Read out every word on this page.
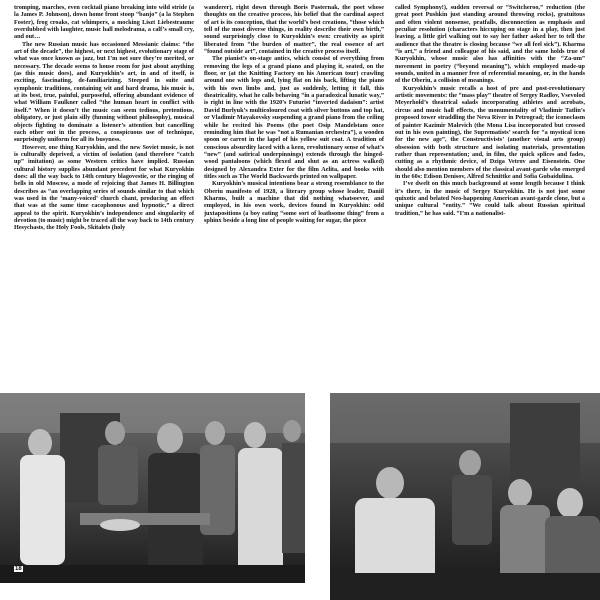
tromping, marches, even cocktail piano breaking into wild stride (a la James P. Johnson), down home front stoop “banjo” (a la Stephen Foster), frog croaks, cat whimpers, a mocking Liszt Liebestraume overdubbed with laughter, music hall melodrama, a calf’s small cry, and out…

The new Russian music has occasioned Messianic claims: “the art of the decade”, the highest, or next highest, evolutionary stage of what was once known as jazz, but I’m not sure they’re merited, or necessary. The decade seems to house room for just about anything (as this music does), and Kuryokhin’s art, in and of itself, is exciting, fascinating, de-familiarizing. Steeped in suite and symphonic traditions, containing wit and hard drama, his music is, at its best, true, painful, purposeful, offering abundant evidence of what William Faulkner called “the human heart in conflict with itself.” When it doesn’t the music can seem tedious, pretentious, obligatory, or just plain silly (funning without philosophy), musical objects fighting to dominate a listener’s attention but cancelling each other out in the process, a conspicuous use of technique, surprisingly uniform for all its busyness.

However, one thing Kuryokhin, and the new Soviet music, is not is culturally deprived, a victim of isolation (and therefore “catch up” imitation) as some Western critics have implied. Russian cultural history supplies abundant precedent for what Kuryokhin does: all the way back to 14th century blagovestie, or the ringing of bells in old Moscow, a mode of rejoicing that James H. Billington describes as “an overlapping series of sounds similar to that which was used in the ‘many-voiced’ church chant, producing an effect that was at the same time cacophonous and hypnotic,” a direct appeal to the spirit. Kuryokhin’s independence and singularity of devotion (to music) might be traced all the way back to 14th century Hesychasts, the Holy Fools, Skitalets (holy

wanderer), right down through Boris Pasternak, the poet whose thoughts on the creative process, his belief that the cardinal aspect of art is its conception, that the world’s best creations, “those which tell of the most diverse things, in reality describe their own birth,” sound surprisingly close to Kuryokhin’s own: creativity as spirit liberated from “the burden of matter”, the real essence of art “found outside art”, contained in the creative process itself.

The pianist’s on-stage antics, which consist of everything from removing the legs of a grand piano and playing it, seated, on the floor, or (at the Knitting Factory on his American tour) crawling around one with legs and, lying flat on his back, lifting the piano with his own limbs and, just as suddenly, letting it fall, this theatricality, what he calls behaving “in a paradoxical lunatic way,” is right in line with the 1920’s Futurist “inverted dadaism”: artist David Burlyuk’s multicoloured coat with silver buttons and top hat, or Vladimir Mayakovsky suspending a grand piano from the ceiling while he recited his Poems (the poet Osip Mandelstam once reminding him that he was “not a Rumanian orchestra”), a wooden spoon or carrot in the lapel of his yellow suit coat. A tradition of conscious absurdity laced with a keen, revolutionary sense of what’s “new” (and satirical underpinnings) extends through the hinged-wood pantaloons (which flexed and shut as an actress walked) designed by Alexandra Exter for the film Aelita, and books with titles such as The World Backwards printed on wallpaper.

Kuryokhin’s musical intentions bear a strong resemblance to the Oberiu manifesto of 1928, a literary group whose leader, Daniil Kharms, built a machine that did nothing whatsoever, and employed, in his own work, devices found in Kuryokhin: odd juxtapositions (a boy eating “some sort of loathsome thing” from a sphinx beside a long line of people waiting for sugar, the piece

called Symphony!), sudden reversal or “Switcheroo,” reduction (the great poet Pushkin just standing around throwing rocks), gratuitous and often violent nonsense, pratfalls, disconnection as emphasis and peculiar resolution (characters hiccuping on stage in a play, then just leaving, a little girl walking out to say her father asked her to tell the audience that the theatre is closing because “we all feel sick”). Kharma “is art,” a friend and colleague of his said, and the same holds true of Kuryokhin, whose music also has affinities with the “Za-um” movement in poetry (“beyond meaning”), which employed made-up sounds, united in a manner free of referential meaning, or, in the hands of the Oberiu, a collision of meanings.

Kuryokhin’s music recalls a host of pre and post-revolutionary artistic movements: the “mass play” theatre of Sergey Radlov, Vsevolod Meyerhold’s theatrical salads incorporating athletes and acrobats, circus and music hall effects, the monumentality of Vladimir Tatlin’s proposed tower straddling the Neva River in Petrograd; the iconoclasm of painter Kazimir Malevich (the Mona Lisa incorporated but crossed out in his own painting), the Suprematists’ search for “a mystical icon for the new age”, the Constructivists’ (another visual arts group) obsession with both structure and isolating materials, presentation rather than representation; and, in film, the quick splices and fades, cutting as a rhythmic device, of Dziga Vetrov and Eisenstein. One should also mention members of the classical avant-garde who emerged in the 60s: Edison Denisov, Alfred Schnittke and Sofia Gubaidulina.

I’ve dwelt on this much background at some length because I think it’s there, in the music of Sergey Kuryokhin. He is not just some quixotic and belated Neo-happening American avant-garde clone, but a unique cultural “entity.” “We could talk about Russian spiritual tradition,” he has said. “I’m a nationalist-

18
